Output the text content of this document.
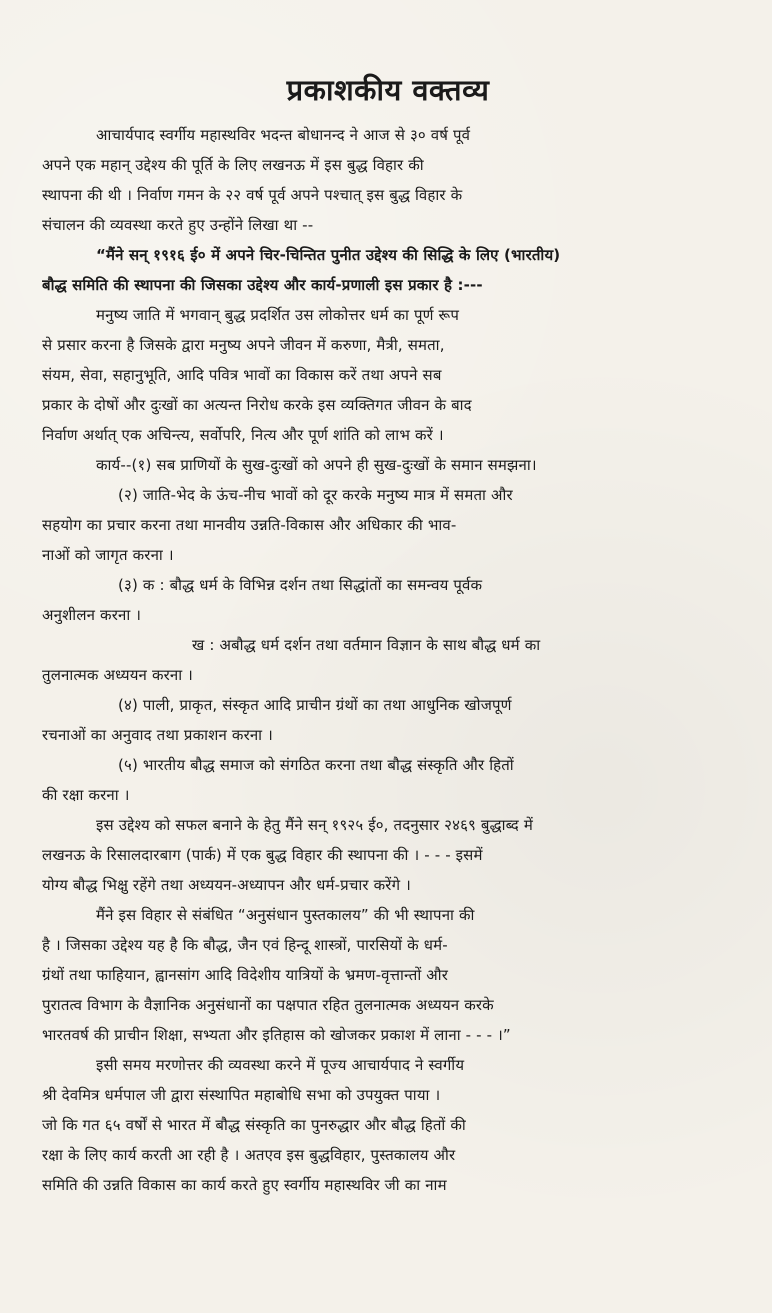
प्रकाशकीय वक्तव्य
आचार्यपाद स्वर्गीय महास्थविर भदन्त बोधानन्द ने आज से ३० वर्ष पूर्व
अपने एक महान् उद्देश्य की पूर्ति के लिए लखनऊ में इस बुद्ध विहार की
स्थापना की थी । निर्वाण गमन के २२ वर्ष पूर्व अपने पश्चात् इस बुद्ध विहार के
संचालन की व्यवस्था करते हुए उन्होंने लिखा था --
“मैंने सन् १९१६ ई० में अपने चिर-चिन्तित पुनीत उद्देश्य की सिद्धि के लिए (भारतीय)
बौद्ध समिति की स्थापना की जिसका उद्देश्य और कार्य-प्रणाली इस प्रकार है :---
मनुष्य जाति में भगवान् बुद्ध प्रदर्शित उस लोकोत्तर धर्म का पूर्ण रूप
से प्रसार करना है जिसके द्वारा मनुष्य अपने जीवन में करुणा, मैत्री, समता,
संयम, सेवा, सहानुभूति, आदि पवित्र भावों का विकास करें तथा अपने सब
प्रकार के दोषों और दुःखों का अत्यन्त निरोध करके इस व्यक्तिगत जीवन के बाद
निर्वाण अर्थात् एक अचिन्त्य, सर्वोपरि, नित्य और पूर्ण शांति को लाभ करें ।
कार्य--(१) सब प्राणियों के सुख-दुःखों को अपने ही सुख-दुःखों के समान समझना।
(२) जाति-भेद के ऊंच-नीच भावों को दूर करके मनुष्य मात्र में समता और
सहयोग का प्रचार करना तथा मानवीय उन्नति-विकास और अधिकार की भाव-
नाओं को जागृत करना ।
(३) क : बौद्ध धर्म के विभिन्न दर्शन तथा सिद्धांतों का समन्वय पूर्वक
अनुशीलन करना ।
ख : अबौद्ध धर्म दर्शन तथा वर्तमान विज्ञान के साथ बौद्ध धर्म का
तुलनात्मक अध्ययन करना ।
(४) पाली, प्राकृत, संस्कृत आदि प्राचीन ग्रंथों का तथा आधुनिक खोजपूर्ण
रचनाओं का अनुवाद तथा प्रकाशन करना ।
(५) भारतीय बौद्ध समाज को संगठित करना तथा बौद्ध संस्कृति और हितों
की रक्षा करना ।
इस उद्देश्य को सफल बनाने के हेतु मैंने सन् १९२५ ई०, तदनुसार २४६९ बुद्धाब्द में
लखनऊ के रिसालदारबाग (पार्क) में एक बुद्ध विहार की स्थापना की । - - - इसमें
योग्य बौद्ध भिक्षु रहेंगे तथा अध्ययन-अध्यापन और धर्म-प्रचार करेंगे ।
मैंने इस विहार से संबंधित “अनुसंधान पुस्तकालय” की भी स्थापना की
है । जिसका उद्देश्य यह है कि बौद्ध, जैन एवं हिन्दू शास्त्रों, पारसियों के धर्म-
ग्रंथों तथा फाहियान, ह्वानसांग आदि विदेशीय यात्रियों के भ्रमण-वृत्तान्तों और
पुरातत्व विभाग के वैज्ञानिक अनुसंधानों का पक्षपात रहित तुलनात्मक अध्ययन करके
भारतवर्ष की प्राचीन शिक्षा, सभ्यता और इतिहास को खोजकर प्रकाश में लाना - - - ।”
इसी समय मरणोत्तर की व्यवस्था करने में पूज्य आचार्यपाद ने स्वर्गीय
श्री देवमित्र धर्मपाल जी द्वारा संस्थापित महाबोधि सभा को उपयुक्त पाया ।
जो कि गत ६५ वर्षों से भारत में बौद्ध संस्कृति का पुनरुद्धार और बौद्ध हितों की
रक्षा के लिए कार्य करती आ रही है । अतएव इस बुद्धविहार, पुस्तकालय और
समिति की उन्नति विकास का कार्य करते हुए स्वर्गीय महास्थविर जी का नाम
